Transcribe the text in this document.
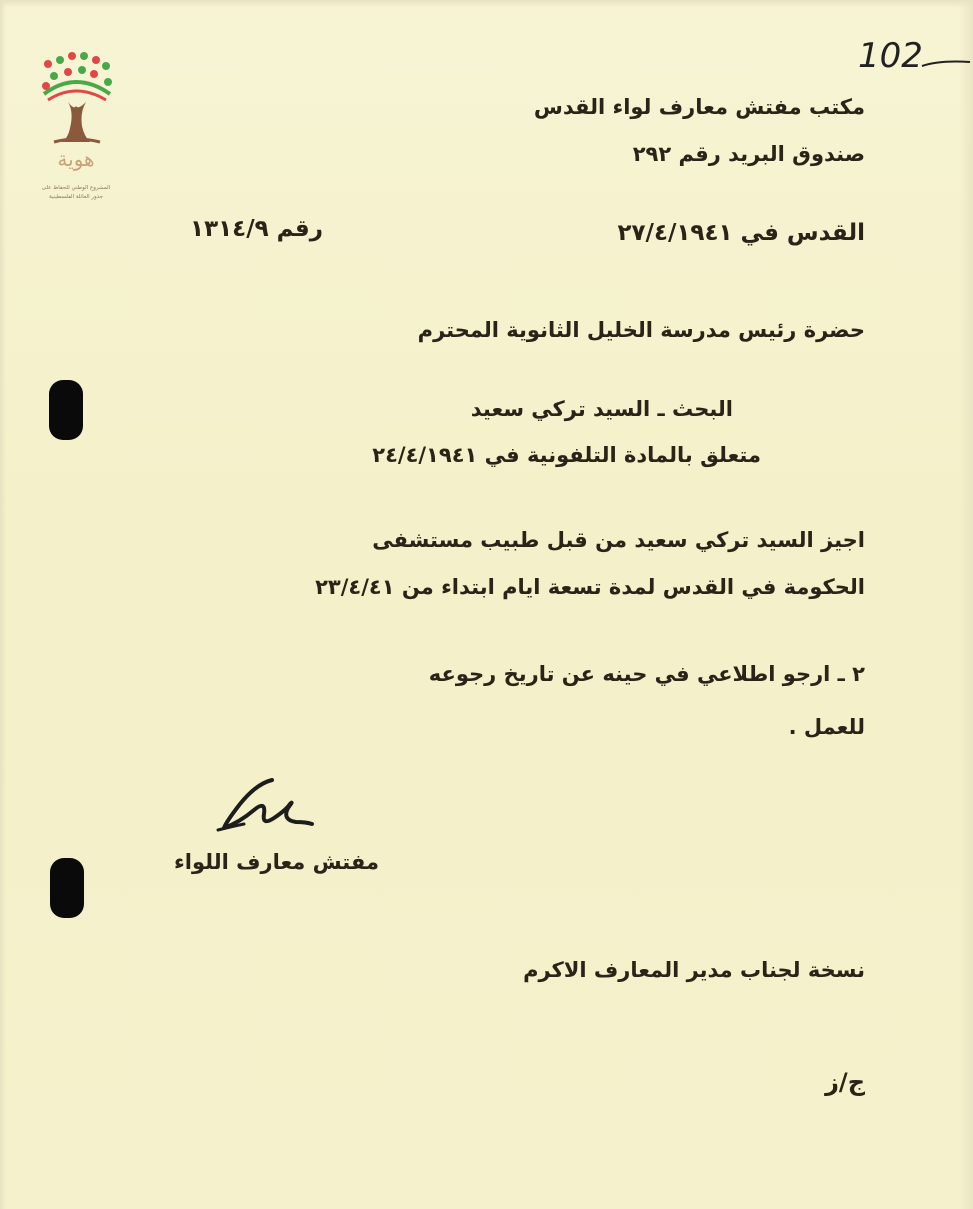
هوية
المشروع الوطني للحفاظ على
جذور العائلة الفلسطينية
102
مكتب مفتش معارف لواء القدس
صندوق البريد رقم ٢٩٢
القدس في ٢٧/٤/١٩٤١
رقم ١٣١٤/٩
حضرة رئيس مدرسة الخليل الثانوية المحترم
البحث ـ السيد تركي سعيد
متعلق بالمادة التلفونية في ٢٤/٤/١٩٤١
اجيز السيد تركي سعيد من قبل طبيب مستشفى
الحكومة في القدس لمدة تسعة ايام ابتداء من ٢٣/٤/٤١
٢ ـ ارجو اطلاعي في حينه عن تاريخ رجوعه
للعمل .
مفتش معارف اللواء
نسخة لجناب مدير المعارف الاكرم
ج/ز
